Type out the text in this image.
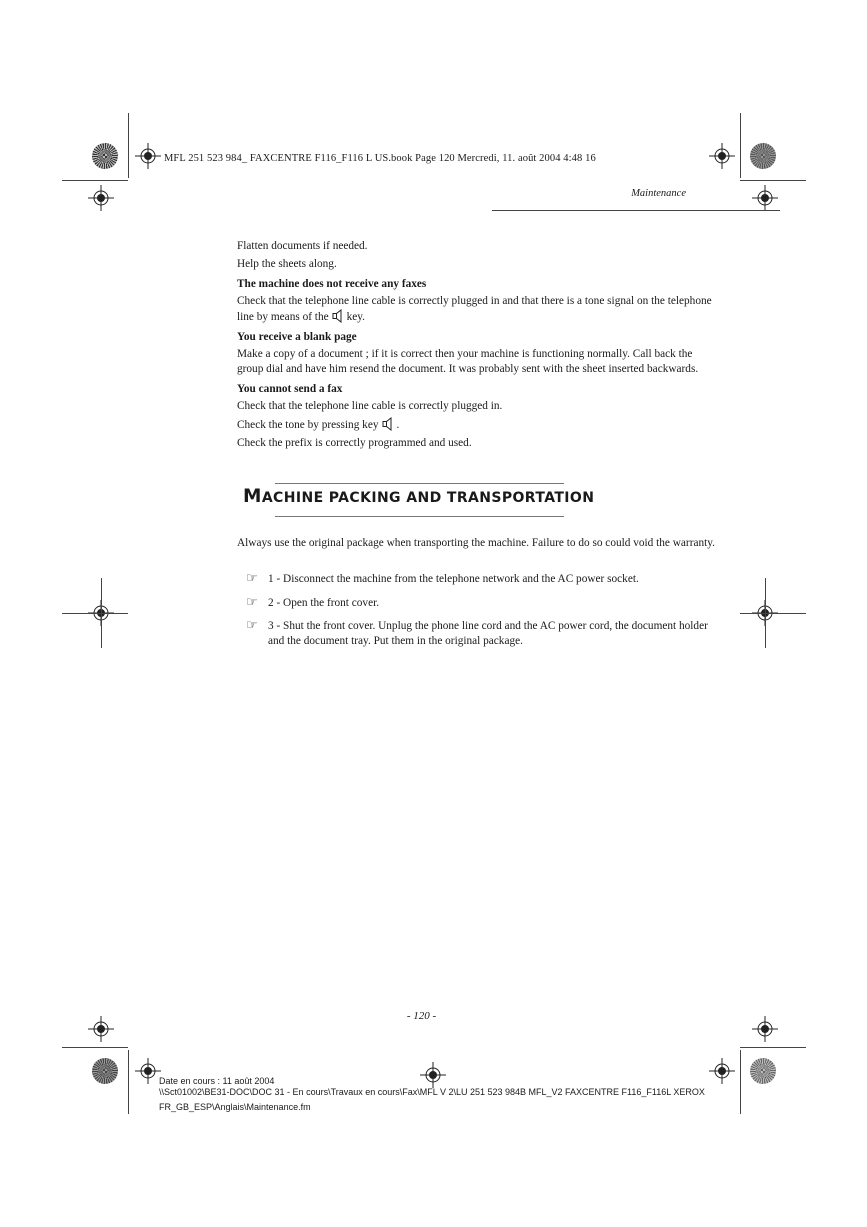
MFL 251 523 984_ FAXCENTRE F116_F116 L US.book Page 120 Mercredi, 11. août 2004 4:48 16
Maintenance

Flatten documents if needed.

Help the sheets along.

The machine does not receive any faxes

Check that the telephone line cable is correctly plugged in and that there is a tone signal on the telephone line by means of the key.

You receive a blank page

Make a copy of a document ; if it is correct then your machine is functioning normally. Call back the group dial and have him resend the document. It was probably sent with the sheet inserted backwards.

You cannot send a fax

Check that the telephone line cable is correctly plugged in.

Check the tone by pressing key .

Check the prefix is correctly programmed and used.

MACHINE PACKING AND TRANSPORTATION
Always use the original package when transporting the machine. Failure to do so could void the warranty.
☞ 1 - Disconnect the machine from the telephone network and the AC power socket.
☞ 2 - Open the front cover.
☞ 3 - Shut the front cover. Unplug the phone line cord and the AC power cord, the document holder and the document tray. Put them in the original package.
- 120 -
Date en cours : 11 août 2004
\\Sct01002\BE31-DOC\DOC 31 - En cours\Travaux en cours\Fax\MFL V 2\LU 251 523 984B MFL_V2 FAXCENTRE F116_F116L XEROX
FR_GB_ESP\Anglais\Maintenance.fm
